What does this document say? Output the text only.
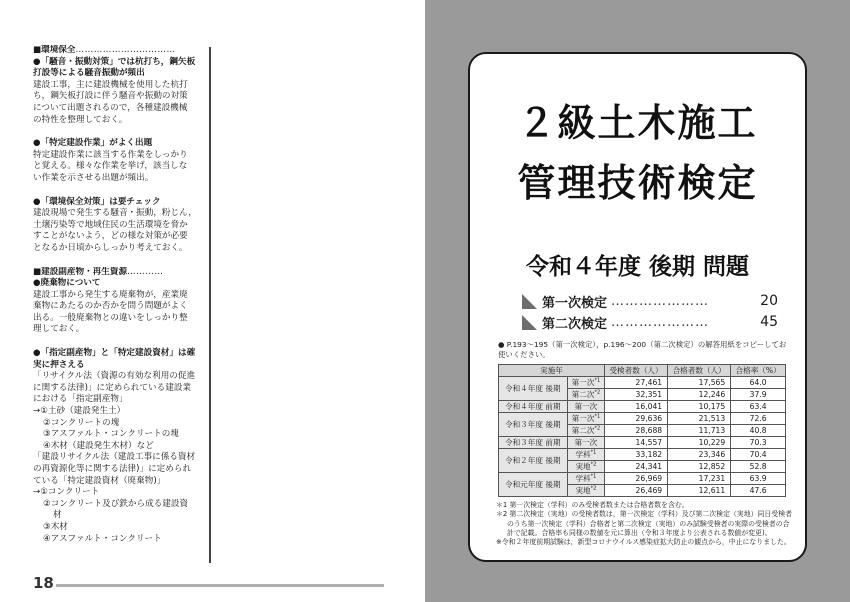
■環境保全……………………………
●「騒音・振動対策」では杭打ち，鋼矢板
打設等による騒音振動が頻出
建設工事，主に建設機械を使用した杭打
ち，鋼矢板打設に伴う騒音や振動の対策
について出題されるので，各種建設機械
の特性を整理しておく。
●「特定建設作業」がよく出題
特定建設作業に該当する作業をしっかり
と覚える。様々な作業を挙げ，該当しな
い作業を示させる出題が頻出。
●「環境保全対策」は要チェック
建設現場で発生する騒音・振動，粉じん，
土壌汚染等で地域住民の生活環境を脅か
すことがないよう，どの様な対策が必要
となるか日頃からしっかり考えておく。
■建設副産物・再生資源…………
●廃棄物について
建設工事から発生する廃棄物が，産業廃
棄物にあたるのか否かを問う問題がよく
出る。一般廃棄物との違いをしっかり整
理しておく。
●「指定副産物」と「特定建設資材」は確
実に押さえる
「リサイクル法（資源の有効な利用の促進
に関する法律)」に定められている建設業
における「指定副産物」
→①土砂（建設発生土）
②コンクリートの塊
③アスファルト・コンクリートの塊
④木材（建設発生木材）など
「建設リサイクル法（建設工事に係る資材
の再資源化等に関する法律)」に定められ
ている「特定建設資材（廃棄物)」
→①コンクリート
②コンクリート及び鉄から成る建設資
材
③木材
④アスファルト・コンクリート
18
２級土木施工
管理技術検定
令和４年度 後期 問題
第一次検定 …………………	20
第二次検定 …………………	45
● P.193～195（第一次検定），p.196～200（第二次検定）の解答用紙をコピーしてお使いください。
実施年		受検者数（人）	合格者数（人）	合格率（%）
令和４年度 後期	第一次$^{*1}$	27,461	17,565	64.0
	第二次$^{*2}$	32,351	12,246	37.9
令和４年度 前期	第一次	16,041	10,175	63.4
令和３年度 後期	第一次$^{*1}$	29,636	21,513	72.6
	第二次$^{*2}$	28,688	11,713	40.8
令和３年度 前期	第一次	14,557	10,229	70.3
令和２年度 後期	学科$^{*1}$	33,182	23,346	70.4
	実地$^{*2}$	24,341	12,852	52.8
令和元年度 後期	学科$^{*1}$	26,969	17,231	63.9
	実地$^{*2}$	26,469	12,611	47.6
＊1 第一次検定（学科）のみ受検者数または合格者数を含む。
＊2 第二次検定（実地）の受検者数は，第一次検定（学科）及び第二次検定（実地）同日受検者のうち第一次検定（学科）合格者と第二次検定（実地）のみ試験受検者の実際の受検者の合計で記載。合格率も同様の数値を元に算出（令和３年度より公表される数値が変更)。
※令和２年度前期試験は，新型コロナウイルス感染症拡大防止の観点から，中止になりました。
